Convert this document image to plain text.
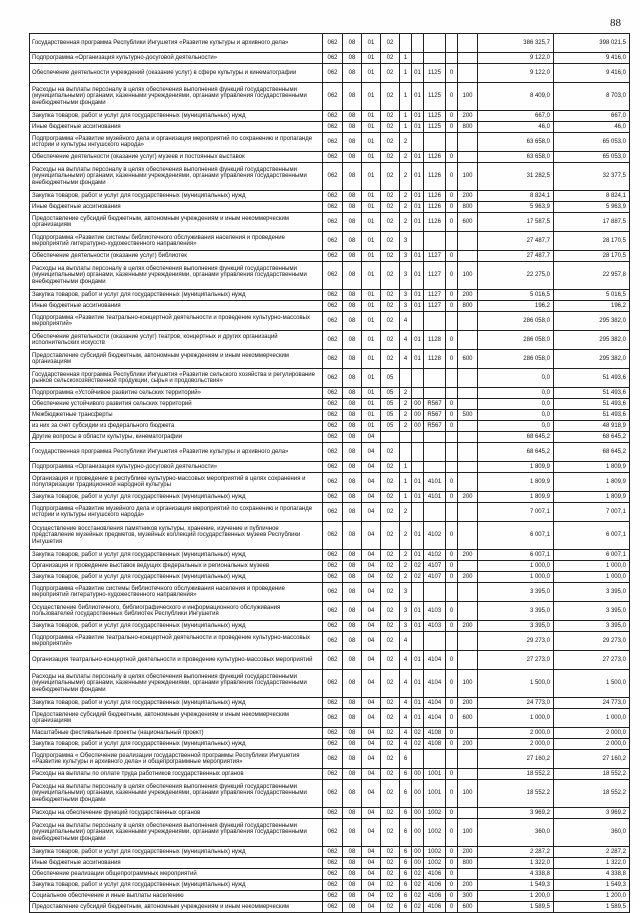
88
Государственная программа Республики Ингушетия «Развитие культуры и архивного дела»	062	08	01	02						386 325,7	398 021,5
Подпрограмма «Организация культурно-досуговой деятельности»	062	08	01	02	1					9 122,0	9 416,0
Обеспечение деятельности учреждений (оказание услуг) в сфере культуры и кинематографии	062	08	01	02	1	01	1125	0		9 122,0	9 416,0
Расходы на выплаты персоналу в целях обеспечения выполнения функций государственными (муниципальными) органами, казенными учреждениями, органами управления государственными внебюджетными фондами	062	08	01	02	1	01	1125	0	100	8 409,0	8 703,0
Закупка товаров, работ и услуг для государственных (муниципальных) нужд	062	08	01	02	1	01	1125	0	200	667,0	667,0
Иные бюджетные ассигнования	062	08	01	02	1	01	1125	0	800	46,0	46,0
Подпрограмма «Развитие музейного дела и организация мероприятий по сохранению и пропаганде истории и культуры ингушского народа»	062	08	01	02	2					63 658,0	65 053,0
Обеспечение деятельности (оказание услуг) музеев и постоянных выставок	062	08	01	02	2	01	1126	0		63 658,0	65 053,0
Расходы на выплаты персоналу в целях обеспечения выполнения функций государственными (муниципальными) органами, казенными учреждениями, органами управления государственными внебюджетными фондами	062	08	01	02	2	01	1126	0	100	31 282,5	32 377,5
Закупка товаров, работ и услуг для государственных (муниципальных) нужд	062	08	01	02	2	01	1126	0	200	8 824,1	8 824,1
Иные бюджетные ассигнования	062	08	01	02	2	01	1126	0	800	5 963,9	5 963,9
Предоставление субсидий бюджетным, автономным учреждениям и иным некоммерческим организациям	062	08	01	02	2	01	1126	0	600	17 587,5	17 887,5
Подпрограмма «Развитие системы библиотечного обслуживания населения и проведение мероприятий литературно-художественного направления»	062	08	01	02	3					27 487,7	28 170,5
Обеспечение деятельности (оказание услуг) библиотек	062	08	01	02	3	01	1127	0		27 487,7	28 170,5
Расходы на выплаты персоналу в целях обеспечения выполнения функций государственными (муниципальными) органами, казенными учреждениями, органами управления государственными внебюджетными фондами	062	08	01	02	3	01	1127	0	100	22 275,0	22 957,8
Закупка товаров, работ и услуг для государственных (муниципальных) нужд	062	08	01	02	3	01	1127	0	200	5 016,5	5 016,5
Иные бюджетные ассигнования	062	08	01	02	3	01	1127	0	800	196,2	196,2
Подпрограмма «Развитие театрально-концертной деятельности и проведение культурно-массовых мероприятий»	062	08	01	02	4					286 058,0	295 382,0
Обеспечение деятельности (оказание услуг) театров, концертных и других организаций исполнительских искусств	062	08	01	02	4	01	1128	0		286 058,0	295 382,0
Предоставление субсидий бюджетным, автономным учреждениям и иным некоммерческим организациям	062	08	01	02	4	01	1128	0	600	286 058,0	295 382,0
Государственная программа Республики Ингушетия «Развитие сельского хозяйства и регулирование рынков сельскохозяйственной продукции, сырья и продовольствия»	062	08	01	05						0,0	51 493,6
Подпрограмма «Устойчивое развитие сельских территорий»	062	08	01	05	2					0,0	51 493,6
Обеспечение устойчивого развития сельских территорий	062	08	01	05	2	00	R567	0		0,0	51 493,6
Межбюджетные трансферты	062	08	01	05	2	00	R567	0	500	0,0	51 493,6
из них за счет субсидии из федерального бюджета	062	08	01	05	2	00	R567	0		0,0	48 918,9
Другие вопросы в области культуры, кинематографии	062	08	04							68 645,2	68 645,2
Государственная программа Республики Ингушетия «Развитие культуры и архивного дела»	062	08	04	02						68 645,2	68 645,2
Подпрограмма «Организация культурно-досуговой деятельности»	062	08	04	02	1					1 809,9	1 809,9
Организация и проведение в республике культурно-массовых мероприятий в целях сохранения и популяризации традиционной народной культуры	062	08	04	02	1	01	4101	0		1 809,9	1 809,9
Закупка товаров, работ и услуг для государственных (муниципальных) нужд	062	08	04	02	1	01	4101	0	200	1 809,9	1 809,9
Подпрограмма «Развитие музейного дела и организация мероприятий по сохранению и пропаганде истории и культуры ингушского народа»	062	08	04	02	2					7 007,1	7 007,1
Осуществление восстановления памятников культуры, хранение, изучение и публичное представление музейных предметов, музейных коллекций государственных музеев Республики Ингушетия	062	08	04	02	2	01	4102	0		6 007,1	6 007,1
Закупка товаров, работ и услуг для государственных (муниципальных) нужд	062	08	04	02	2	01	4102	0	200	6 007,1	6 007,1
Организация и проведение выставок ведущих федеральных и региональных музеев	062	08	04	02	2	02	4107	0		1 000,0	1 000,0
Закупка товаров, работ и услуг для государственных (муниципальных) нужд	062	08	04	02	2	02	4107	0	200	1 000,0	1 000,0
Подпрограмма «Развитие системы библиотечного обслуживания населения и проведение мероприятий литературно-художественного направления»	062	08	04	02	3					3 395,0	3 395,0
Осуществление библиотечного, библиографического и информационного обслуживания пользователей государственных библиотек Республики Ингушетия	062	08	04	02	3	01	4103	0		3 395,0	3 395,0
Закупка товаров, работ и услуг для государственных (муниципальных) нужд	062	08	04	02	3	01	4103	0	200	3 395,0	3 395,0
Подпрограмма «Развитие театрально-концертной деятельности и проведение культурно-массовых мероприятий»	062	08	04	02	4					29 273,0	29 273,0
Организация театрально-концертной деятельности и проведение культурно-массовых мероприятий	062	08	04	02	4	01	4104	0		27 273,0	27 273,0
Расходы на выплаты персоналу в целях обеспечения выполнения функций государственными (муниципальными) органами, казенными учреждениями, органами управления государственными внебюджетными фондами	062	08	04	02	4	01	4104	0	100	1 500,0	1 500,0
Закупка товаров, работ и услуг для государственных (муниципальных) нужд	062	08	04	02	4	01	4104	0	200	24 773,0	24 773,0
Предоставление субсидий бюджетным, автономным учреждениям и иным некоммерческим организациям	062	08	04	02	4	01	4104	0	600	1 000,0	1 000,0
Масштабные фестивальные проекты (национальный проект)	062	08	04	02	4	02	4108	0		2 000,0	2 000,0
Закупка товаров, работ и услуг для государственных (муниципальных) нужд	062	08	04	02	4	02	4108	0	200	2 000,0	2 000,0
Подпрограмма « Обеспечение реализации государственной программы Республики Ингушетия «Развитие культуры и архивного дела» и общепрограммные мероприятия»	062	08	04	02	6					27 160,2	27 160,2
Расходы на выплаты по оплате труда работников государственных органов	062	08	04	02	6	00	1001	0		18 552,2	18 552,2
Расходы на выплаты персоналу в целях обеспечения выполнения функций государственными (муниципальными) органами, казенными учреждениями, органами управления государственными внебюджетными фондами	062	08	04	02	6	00	1001	0	100	18 552,2	18 552,2
Расходы на обеспечение функций государственных органов	062	08	04	02	6	00	1002	0		3 969,2	3 969,2
Расходы на выплаты персоналу в целях обеспечения выполнения функций государственными (муниципальными) органами, казенными учреждениями, органами управления государственными внебюджетными фондами	062	08	04	02	6	00	1002	0	100	360,0	360,0
Закупка товаров, работ и услуг для государственных (муниципальных) нужд	062	08	04	02	6	00	1002	0	200	2 287,2	2 287,2
Иные бюджетные ассигнования	062	08	04	02	6	00	1002	0	800	1 322,0	1 322,0
Обеспечение реализации общепрограммных мероприятий	062	08	04	02	6	02	4106	0		4 338,8	4 338,8
Закупка товаров, работ и услуг для государственных (муниципальных) нужд	062	08	04	02	6	02	4106	0	200	1 549,3	1 549,3
Социальное обеспечение и иные выплаты населению	062	08	04	02	6	02	4106	0	300	1 200,0	1 200,0
Предоставление субсидий бюджетным, автономным учреждениям и иным некоммерческим	062	08	04	02	6	02	4106	0	600	1 589,5	1 589,5
